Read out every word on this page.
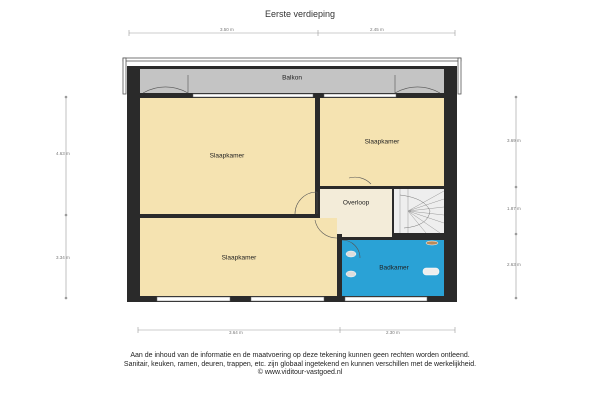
Eerste verdieping
3.50 m	2.45 m
3.64 m	2.30 m
4.63 m
3.34 m
3.69 m
1.87 m
2.63 m
Balkon
Slaapkamer
Slaapkamer
Overloop
Slaapkamer
Badkamer
Aan de inhoud van de informatie en de maatvoering op deze tekening kunnen geen rechten worden ontleend.
Sanitair, keuken, ramen, deuren, trappen, etc. zijn globaal ingetekend en kunnen verschillen met de werkelijkheid.
© www.viditour-vastgoed.nl
